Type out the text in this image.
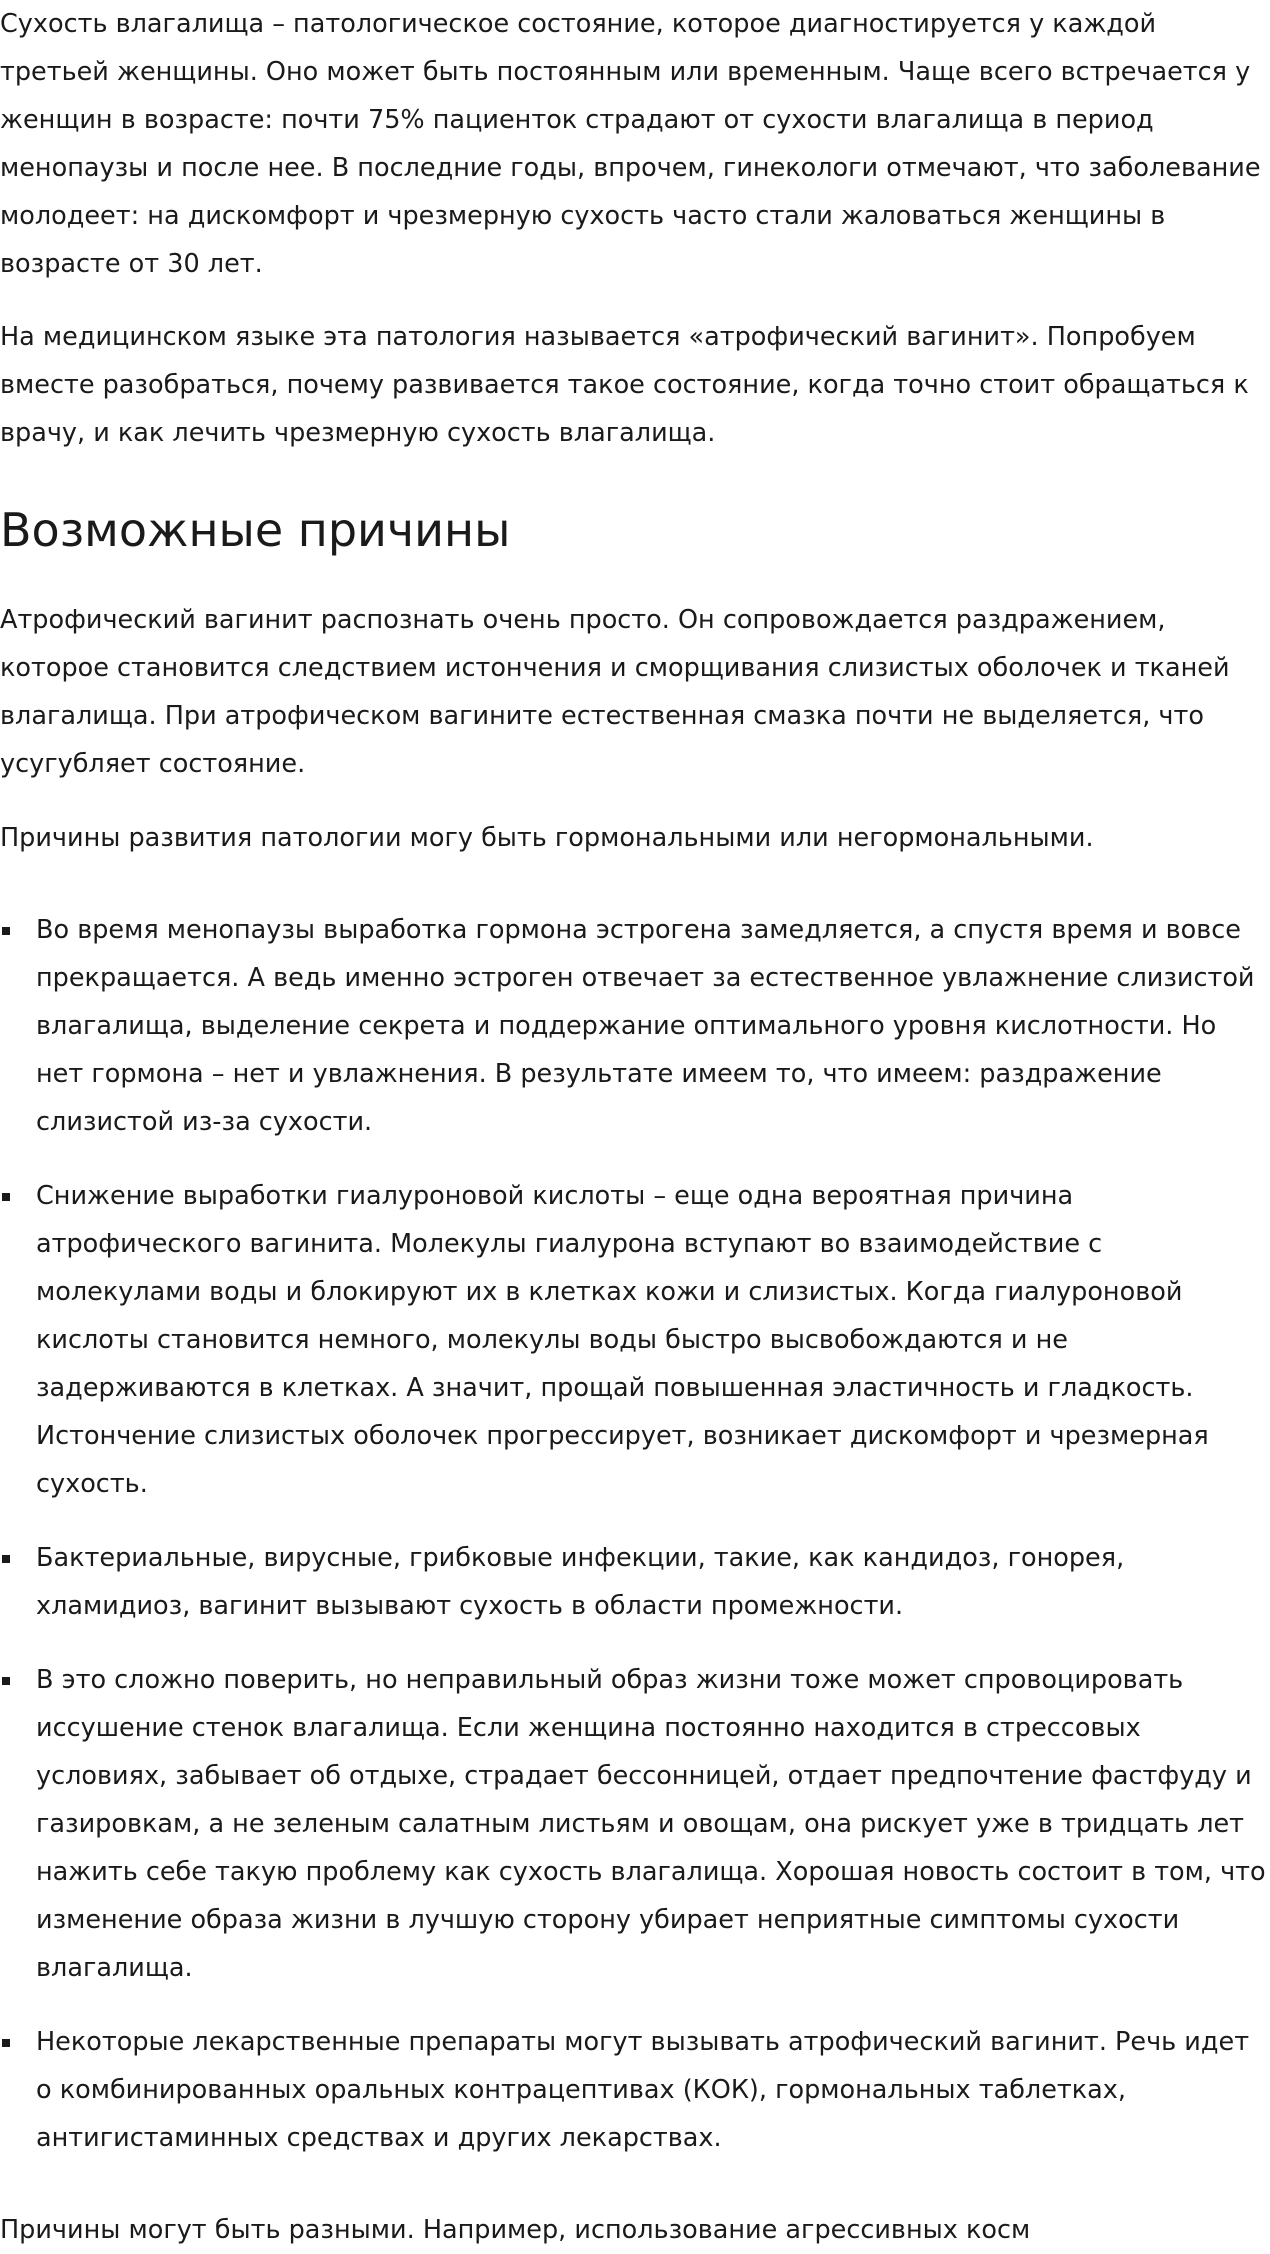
Сухость влагалища – патологическое состояние, которое диагностируется у каждой третьей женщины. Оно может быть постоянным или временным. Чаще всего встречается у женщин в возрасте: почти 75% пациенток страдают от сухости влагалища в период менопаузы и после нее. В последние годы, впрочем, гинекологи отмечают, что заболевание молодеет: на дискомфорт и чрезмерную сухость часто стали жаловаться женщины в возрасте от 30 лет.

На медицинском языке эта патология называется «атрофический вагинит». Попробуем вместе разобраться, почему развивается такое состояние, когда точно стоит обращаться к врачу, и как лечить чрезмерную сухость влагалища.

Возможные причины

Атрофический вагинит распознать очень просто. Он сопровождается раздражением, которое становится следствием истончения и сморщивания слизистых оболочек и тканей влагалища. При атрофическом вагините естественная смазка почти не выделяется, что усугубляет состояние.

Причины развития патологии могу быть гормональными или негормональными.

Во время менопаузы выработка гормона эстрогена замедляется, а спустя время и вовсе прекращается. А ведь именно эстроген отвечает за естественное увлажнение слизистой влагалища, выделение секрета и поддержание оптимального уровня кислотности. Но нет гормона – нет и увлажнения. В результате имеем то, что имеем: раздражение слизистой из-за сухости.
Снижение выработки гиалуроновой кислоты – еще одна вероятная причина атрофического вагинита. Молекулы гиалурона вступают во взаимодействие с молекулами воды и блокируют их в клетках кожи и слизистых. Когда гиалуроновой кислоты становится немного, молекулы воды быстро высвобождаются и не задерживаются в клетках. А значит, прощай повышенная эластичность и гладкость. Истончение слизистых оболочек прогрессирует, возникает дискомфорт и чрезмерная сухость.
Бактериальные, вирусные, грибковые инфекции, такие, как кандидоз, гонорея, хламидиоз, вагинит вызывают сухость в области промежности.
В это сложно поверить, но неправильный образ жизни тоже может спровоцировать иссушение стенок влагалища. Если женщина постоянно находится в стрессовых условиях, забывает об отдыхе, страдает бессонницей, отдает предпочтение фастфуду и газировкам, а не зеленым салатным листьям и овощам, она рискует уже в тридцать лет нажить себе такую проблему как сухость влагалища. Хорошая новость состоит в том, что изменение образа жизни в лучшую сторону убирает неприятные симптомы сухости влагалища.
Некоторые лекарственные препараты могут вызывать атрофический вагинит. Речь идет о комбинированных оральных контрацептивах (КОК), гормональных таблетках, антигистаминных средствах и других лекарствах.

Причины могут быть разными. Например, использование агрессивных косм
